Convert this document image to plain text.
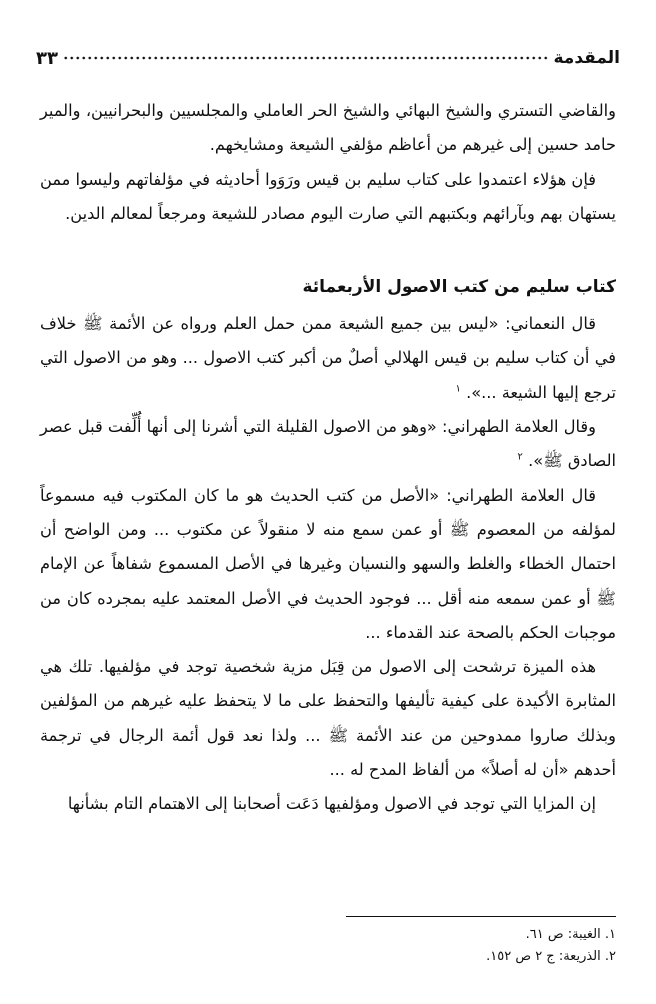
المقدمة
٣٣

والقاضي التستري والشيخ البهائي والشيخ الحر العاملي والمجلسيين والبحرانيين، والمير حامد حسين إلى غيرهم من أعاظم مؤلفي الشيعة ومشايخهم.

فإن هؤلاء اعتمدوا على كتاب سليم بن قيس ورَوَوا أحاديثه في مؤلفاتهم وليسوا ممن يستهان بهم وبآرائهم وبكتبهم التي صارت اليوم مصادر للشيعة ومرجعاً لمعالم الدين.

كتاب سليم من كتب الاصول الأربعمائة

قال النعماني: «ليس بين جميع الشيعة ممن حمل العلم ورواه عن الأئمة ﷺ خلاف في أن كتاب سليم بن قيس الهلالي أصلٌ من أكبر كتب الاصول ... وهو من الاصول التي ترجع إليها الشيعة ...». $^١$

وقال العلامة الطهراني: «وهو من الاصول القليلة التي أشرنا إلى أنها أُلِّفت قبل عصر الصادق ﷺ». $^٢$

قال العلامة الطهراني: «الأصل من كتب الحديث هو ما كان المكتوب فيه مسموعاً لمؤلفه من المعصوم ﷺ أو عمن سمع منه لا منقولاً عن مكتوب ... ومن الواضح أن احتمال الخطاء والغلط والسهو والنسيان وغيرها في الأصل المسموع شفاهاً عن الإمام ﷺ أو عمن سمعه منه أقل ... فوجود الحديث في الأصل المعتمد عليه بمجرده كان من موجبات الحكم بالصحة عند القدماء ...

هذه الميزة ترشحت إلى الاصول من قِبَل مزية شخصية توجد في مؤلفيها. تلك هي المثابرة الأكيدة على كيفية تأليفها والتحفظ على ما لا يتحفظ عليه غيرهم من المؤلفين وبذلك صاروا ممدوحين من عند الأئمة ﷺ ... ولذا نعد قول أئمة الرجال في ترجمة أحدهم «أن له أصلاً» من ألفاظ المدح له ...

إن المزايا التي توجد في الاصول ومؤلفيها دَعَت أصحابنا إلى الاهتمام التام بشأنها

١. الغيبة: ص ٦١.
٢. الذريعة: ج ٢ ص ١٥٢.
